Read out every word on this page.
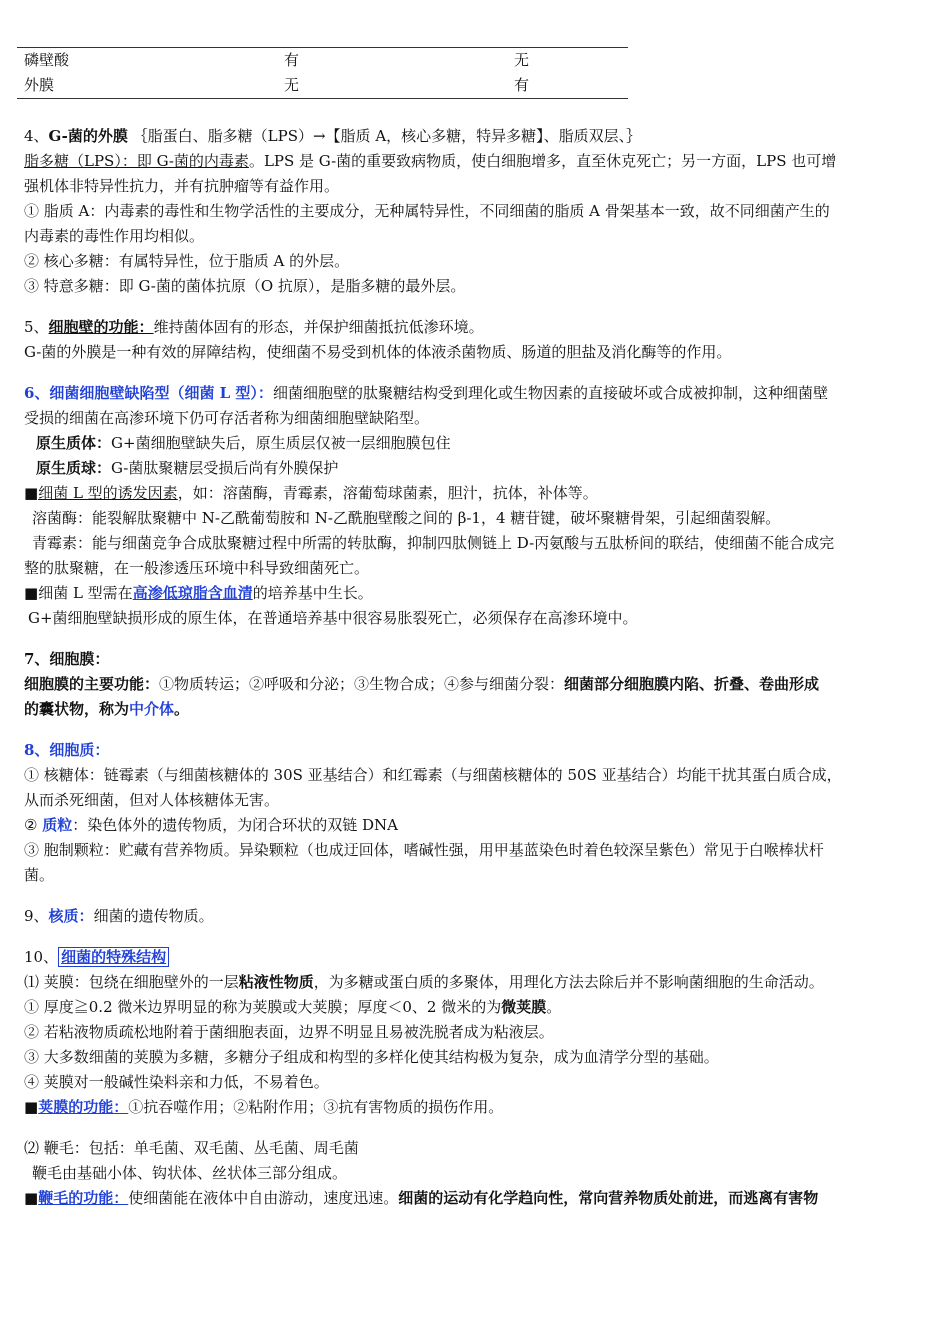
磷壁酸	有	无
外膜	无	有
4、G-菌的外膜 ｛脂蛋白、脂多糖（LPS）→【脂质 A，核心多糖，特异多糖】、脂质双层、｝
脂多糖（LPS）：即 G-菌的内毒素。LPS 是 G-菌的重要致病物质，使白细胞增多，直至休克死亡；另一方面，LPS 也可增
强机体非特异性抗力，并有抗肿瘤等有益作用。
① 脂质 A：内毒素的毒性和生物学活性的主要成分，无种属特异性，不同细菌的脂质 A 骨架基本一致，故不同细菌产生的
内毒素的毒性作用均相似。
② 核心多糖：有属特异性，位于脂质 A 的外层。
③ 特意多糖：即 G-菌的菌体抗原（O 抗原），是脂多糖的最外层。
5、细胞壁的功能：维持菌体固有的形态，并保护细菌抵抗低渗环境。
G-菌的外膜是一种有效的屏障结构，使细菌不易受到机体的体液杀菌物质、肠道的胆盐及消化酶等的作用。
6、细菌细胞壁缺陷型（细菌 L 型）：细菌细胞壁的肽聚糖结构受到理化或生物因素的直接破坏或合成被抑制，这种细菌壁
受损的细菌在高渗环境下仍可存活者称为细菌细胞壁缺陷型。
原生质体：G+菌细胞壁缺失后，原生质层仅被一层细胞膜包住
原生质球：G-菌肽聚糖层受损后尚有外膜保护
■细菌 L 型的诱发因素，如：溶菌酶，青霉素，溶葡萄球菌素，胆汁，抗体，补体等。
溶菌酶：能裂解肽聚糖中 N-乙酰葡萄胺和 N-乙酰胞壁酸之间的 β-1，4 糖苷键，破坏聚糖骨架，引起细菌裂解。
青霉素：能与细菌竞争合成肽聚糖过程中所需的转肽酶，抑制四肽侧链上 D-丙氨酸与五肽桥间的联结，使细菌不能合成完
整的肽聚糖，在一般渗透压环境中科导致细菌死亡。
■细菌 L 型需在高渗低琼脂含血清的培养基中生长。
G+菌细胞壁缺损形成的原生体，在普通培养基中很容易胀裂死亡，必须保存在高渗环境中。
7、细胞膜：
细胞膜的主要功能：①物质转运；②呼吸和分泌；③生物合成；④参与细菌分裂：细菌部分细胞膜内陷、折叠、卷曲形成
的囊状物，称为中介体。
8、细胞质：
① 核糖体：链霉素（与细菌核糖体的 30S 亚基结合）和红霉素（与细菌核糖体的 50S 亚基结合）均能干扰其蛋白质合成，
从而杀死细菌，但对人体核糖体无害。
② 质粒：染色体外的遗传物质，为闭合环状的双链 DNA
③ 胞制颗粒：贮藏有营养物质。异染颗粒（也成迂回体，嗜碱性强，用甲基蓝染色时着色较深呈紫色）常见于白喉棒状杆
菌。
9、核质：细菌的遗传物质。
10、 细菌的特殊结构
⑴ 荚膜：包绕在细胞壁外的一层粘液性物质，为多糖或蛋白质的多聚体，用理化方法去除后并不影响菌细胞的生命活动。
① 厚度≧0.2 微米边界明显的称为荚膜或大荚膜；厚度＜0、2 微米的为微荚膜。
② 若粘液物质疏松地附着于菌细胞表面，边界不明显且易被洗脱者成为粘液层。
③ 大多数细菌的荚膜为多糖，多糖分子组成和构型的多样化使其结构极为复杂，成为血清学分型的基础。
④ 荚膜对一般碱性染料亲和力低，不易着色。
■荚膜的功能：①抗吞噬作用；②粘附作用；③抗有害物质的损伤作用。
⑵ 鞭毛：包括：单毛菌、双毛菌、丛毛菌、周毛菌
鞭毛由基础小体、钩状体、丝状体三部分组成。
■鞭毛的功能：使细菌能在液体中自由游动，速度迅速。细菌的运动有化学趋向性，常向营养物质处前进，而逃离有害物
